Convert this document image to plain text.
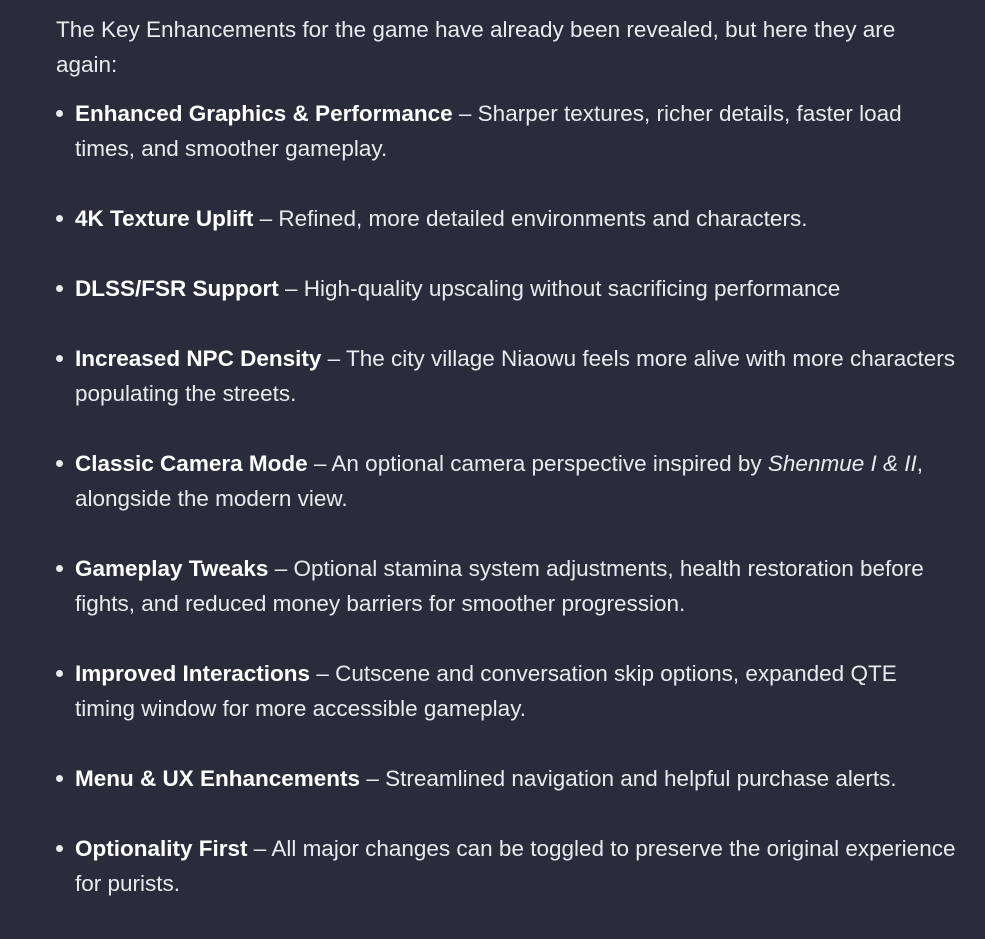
The Key Enhancements for the game have already been revealed, but here they are again:

Enhanced Graphics & Performance – Sharper textures, richer details, faster load times, and smoother gameplay.
4K Texture Uplift – Refined, more detailed environments and characters.
DLSS/FSR Support – High-quality upscaling without sacrificing performance
Increased NPC Density – The city village Niaowu feels more alive with more characters populating the streets.
Classic Camera Mode – An optional camera perspective inspired by Shenmue I & II, alongside the modern view.
Gameplay Tweaks – Optional stamina system adjustments, health restoration before fights, and reduced money barriers for smoother progression.
Improved Interactions – Cutscene and conversation skip options, expanded QTE timing window for more accessible gameplay.
Menu & UX Enhancements – Streamlined navigation and helpful purchase alerts.
Optionality First – All major changes can be toggled to preserve the original experience for purists.
